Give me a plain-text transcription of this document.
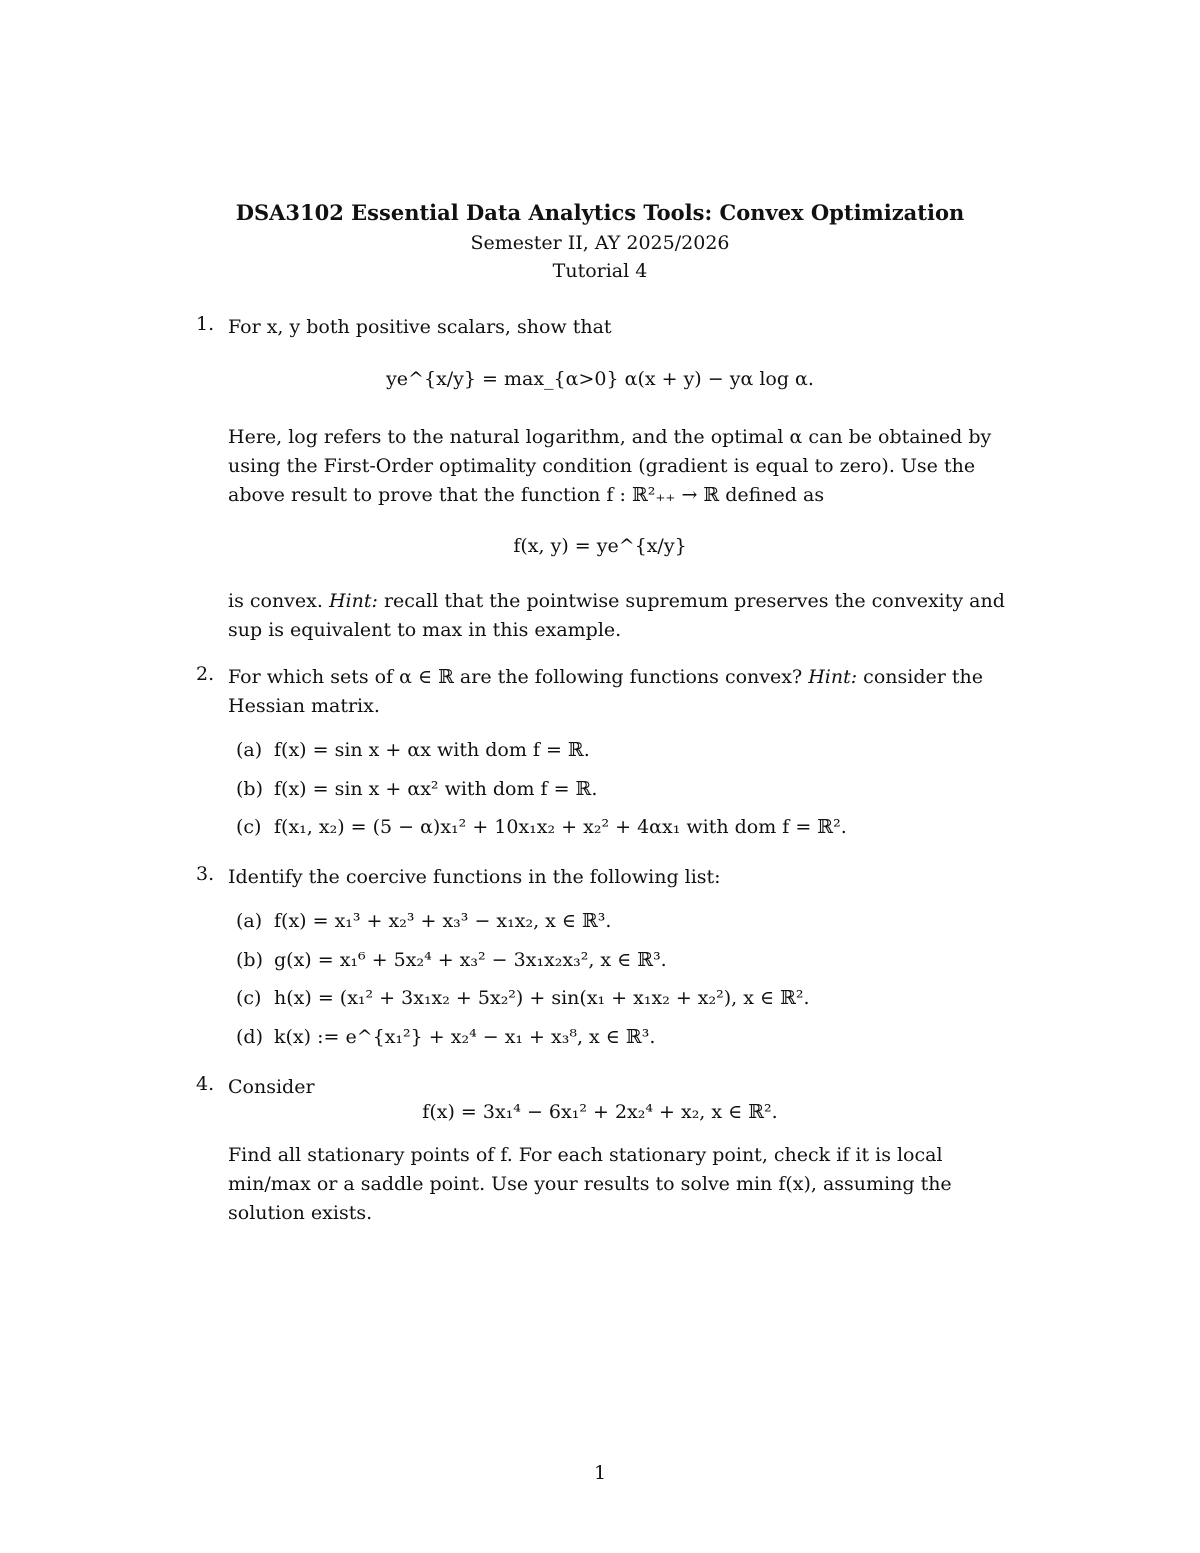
DSA3102 Essential Data Analytics Tools: Convex Optimization
Semester II, AY 2025/2026
Tutorial 4
1. For x, y both positive scalars, show that
ye^{x/y} = max_{α>0} α(x + y) − yα log α.
Here, log refers to the natural logarithm, and the optimal α can be obtained by using the First-Order optimality condition (gradient is equal to zero). Use the above result to prove that the function f : ℝ²₊₊ → ℝ defined as
f(x, y) = ye^{x/y}
is convex. Hint: recall that the pointwise supremum preserves the convexity and sup is equivalent to max in this example.
2. For which sets of α ∈ ℝ are the following functions convex? Hint: consider the Hessian matrix.
(a) f(x) = sin x + αx with dom f = ℝ.
(b) f(x) = sin x + αx² with dom f = ℝ.
(c) f(x₁, x₂) = (5 − α)x₁² + 10x₁x₂ + x₂² + 4αx₁ with dom f = ℝ².
3. Identify the coercive functions in the following list:
(a) f(x) = x₁³ + x₂³ + x₃³ − x₁x₂, x ∈ ℝ³.
(b) g(x) = x₁⁶ + 5x₂⁴ + x₃² − 3x₁x₂x₃², x ∈ ℝ³.
(c) h(x) = (x₁² + 3x₁x₂ + 5x₂²) + sin(x₁ + x₁x₂ + x₂²), x ∈ ℝ².
(d) k(x) := e^{x₁²} + x₂⁴ − x₁ + x₃⁸, x ∈ ℝ³.
4. Consider
f(x) = 3x₁⁴ − 6x₁² + 2x₂⁴ + x₂, x ∈ ℝ².
Find all stationary points of f. For each stationary point, check if it is local min/max or a saddle point. Use your results to solve min f(x), assuming the solution exists.
1
